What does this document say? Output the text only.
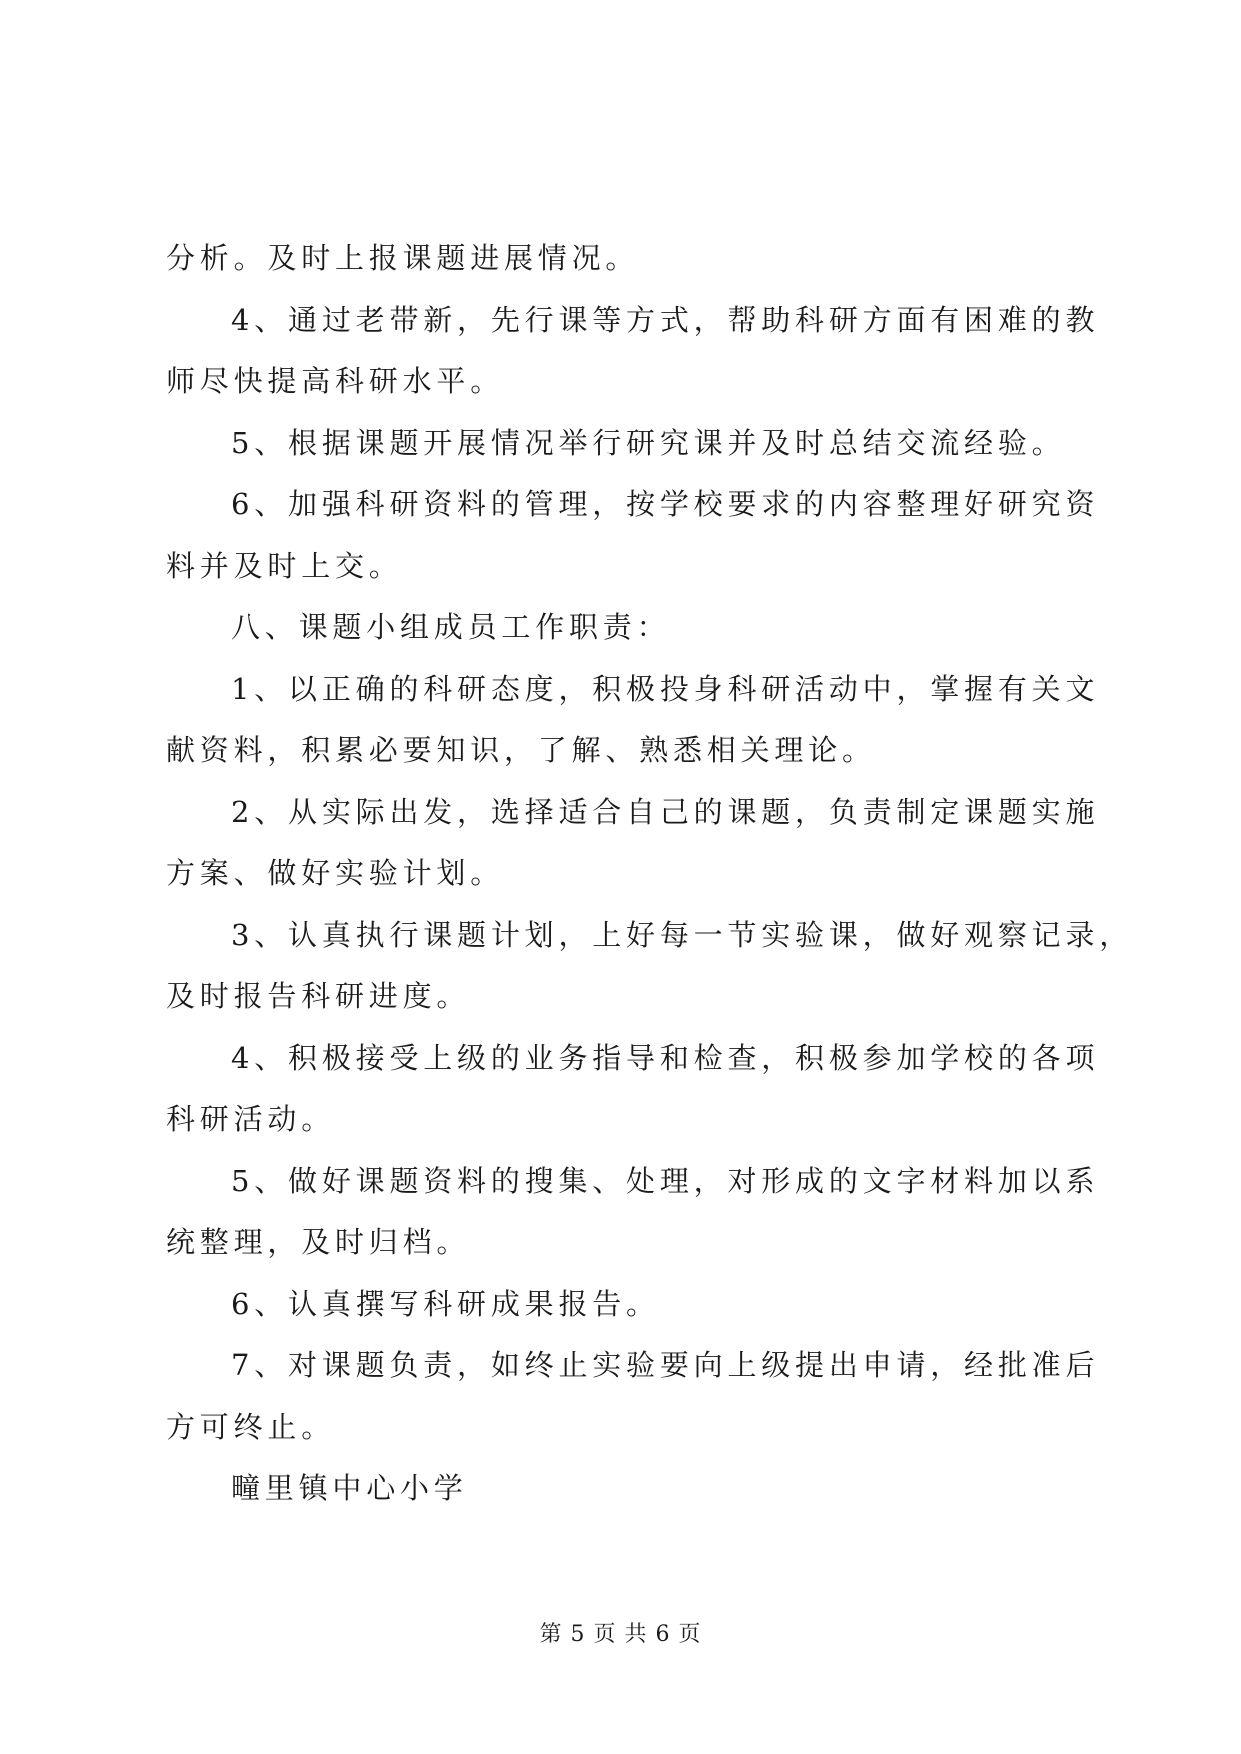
分析。及时上报课题进展情况。
4、通过老带新，先行课等方式，帮助科研方面有困难的教
师尽快提高科研水平。
5、根据课题开展情况举行研究课并及时总结交流经验。
6、加强科研资料的管理，按学校要求的内容整理好研究资
料并及时上交。
八、课题小组成员工作职责：
1、以正确的科研态度，积极投身科研活动中，掌握有关文
献资料，积累必要知识，了解、熟悉相关理论。
2、从实际出发，选择适合自己的课题，负责制定课题实施
方案、做好实验计划。
3、认真执行课题计划，上好每一节实验课，做好观察记录，
及时报告科研进度。
4、积极接受上级的业务指导和检查，积极参加学校的各项
科研活动。
5、做好课题资料的搜集、处理，对形成的文字材料加以系
统整理，及时归档。
6、认真撰写科研成果报告。
7、对课题负责，如终止实验要向上级提出申请，经批准后
方可终止。
疃里镇中心小学
第 5 页 共 6 页
